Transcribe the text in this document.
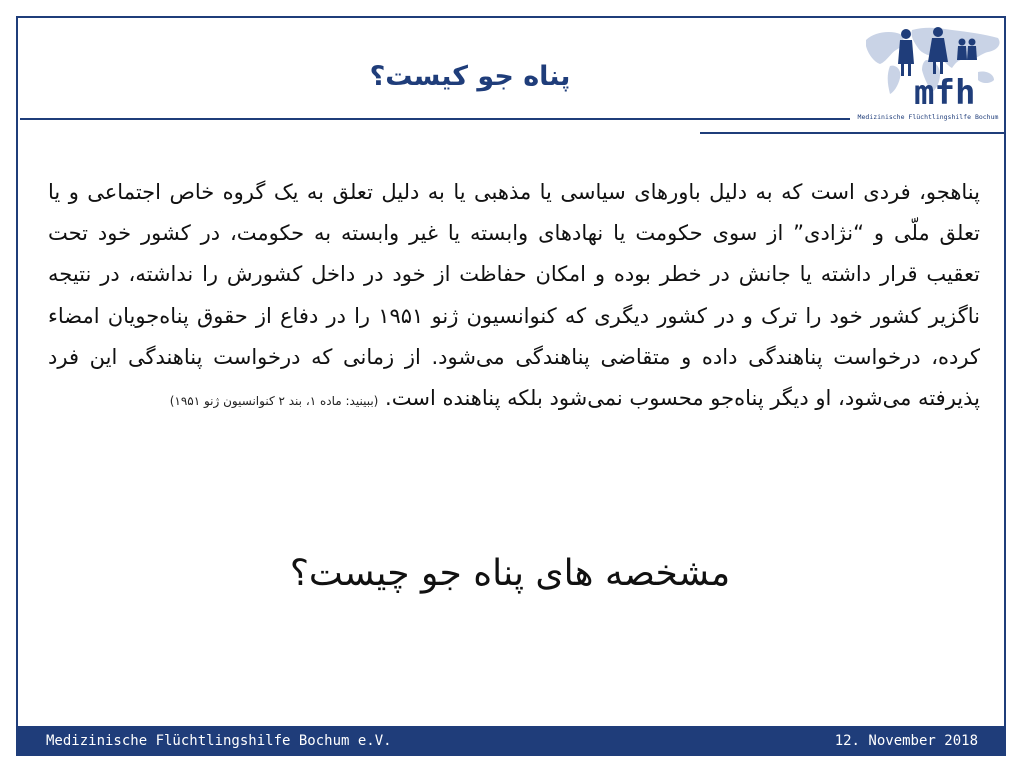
پناه جو کیست؟	mfh
Medizinische Flüchtlingshilfe Bochum
پناهجو، فردی است که به دلیل باورهای سیاسی یا مذهبی یا به دلیل تعلق به یک گروه خاص اجتماعی و یا تعلق ملّی و “نژادی” از سوی حکومت یا نهادهای وابسته یا غیر وابسته به حکومت، در کشور خود تحت تعقیب قرار داشته یا جانش در خطر بوده و امکان حفاظت از خود در داخل کشورش را نداشته، در نتیجه ناگزیر کشور خود را ترک و در کشور دیگری که کنوانسیون ژنو ۱۹۵۱ را در دفاع از حقوق پناه‌جویان امضاء کرده، درخواست پناهندگی داده و متقاضی پناهندگی می‌شود. از زمانی که درخواست پناهندگی این فرد پذیرفته می‌شود، او دیگر پناه‌جو محسوب نمی‌شود بلکه پناهنده است. (ببینید: ماده ۱، بند ۲ کنوانسیون ژنو ۱۹۵۱)
مشخصه های پناه جو چیست؟
Medizinische Flüchtlingshilfe Bochum e.V.	12. November 2018
